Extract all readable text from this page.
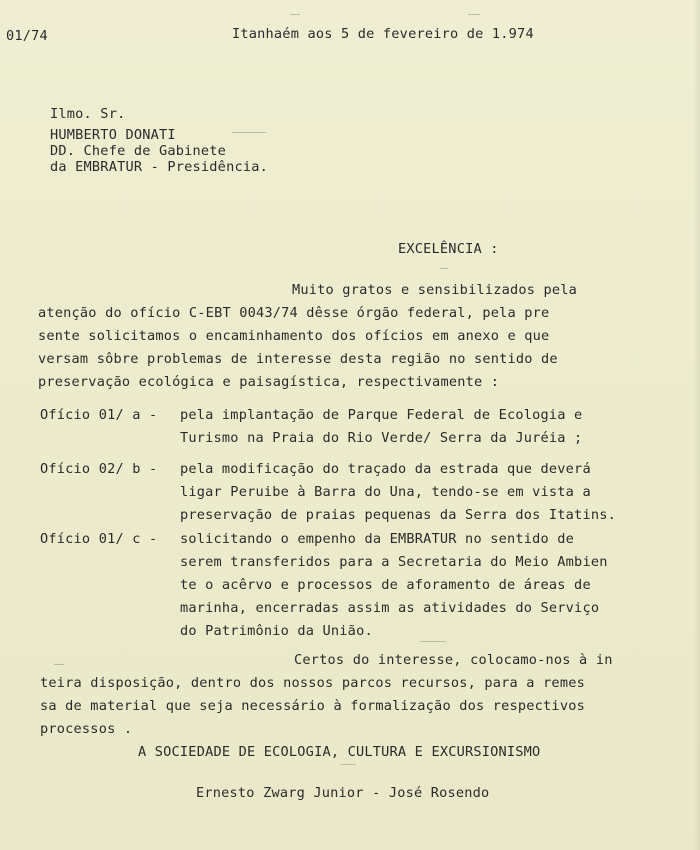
01/74	Itanhaém aos 5 de fevereiro de 1.974
Ilmo. Sr.
HUMBERTO DONATI
DD. Chefe de Gabinete
da EMBRATUR - Presidência.
EXCELÊNCIA :
Muito gratos e sensibilizados pela
atenção do ofício C-EBT 0043/74 dêsse órgão federal, pela pre
sente solicitamos o encaminhamento dos ofícios em anexo e que
versam sôbre problemas de interesse desta região no sentido de
preservação ecológica e paisagística, respectivamente :
Ofício 01/ a - pela implantação de Parque Federal de Ecologia e
Turismo na Praia do Rio Verde/ Serra da Juréia ;
Ofício 02/ b - pela modificação do traçado da estrada que deverá
ligar Peruibe à Barra do Una, tendo-se em vista a
preservação de praias pequenas da Serra dos Itatins.
Ofício 01/ c - solicitando o empenho da EMBRATUR no sentido de
serem transferidos para a Secretaria do Meio Ambien
te o acêrvo e processos de aforamento de áreas de
marinha, encerradas assim as atividades do Serviço
do Patrimônio da União.
Certos do interesse, colocamo-nos à in
teira disposição, dentro dos nossos parcos recursos, para a remes
sa de material que seja necessário à formalização dos respectivos
processos .
A SOCIEDADE DE ECOLOGIA, CULTURA E EXCURSIONISMO
Ernesto Zwarg Junior - José Rosendo
